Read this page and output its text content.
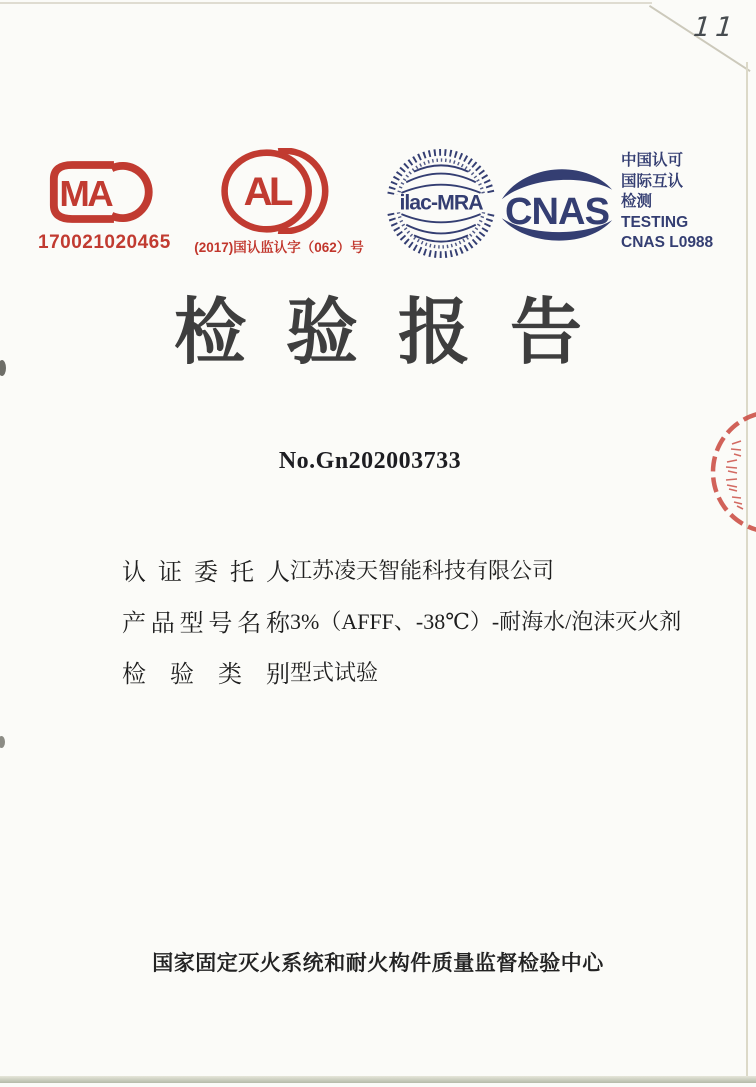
11
MA
170021020465
AL
(2017)国认监认字（062）号
ilac-MRA CNAS
中国认可
国际互认
检测
TESTING
CNAS L0988
检验报告
No.Gn202003733
认证委托人 江苏凌天智能科技有限公司
产品型号名称 3%（AFFF、-38℃）-耐海水/泡沫灭火剂
检验类别 型式试验
国家固定灭火系统和耐火构件质量监督检验中心
